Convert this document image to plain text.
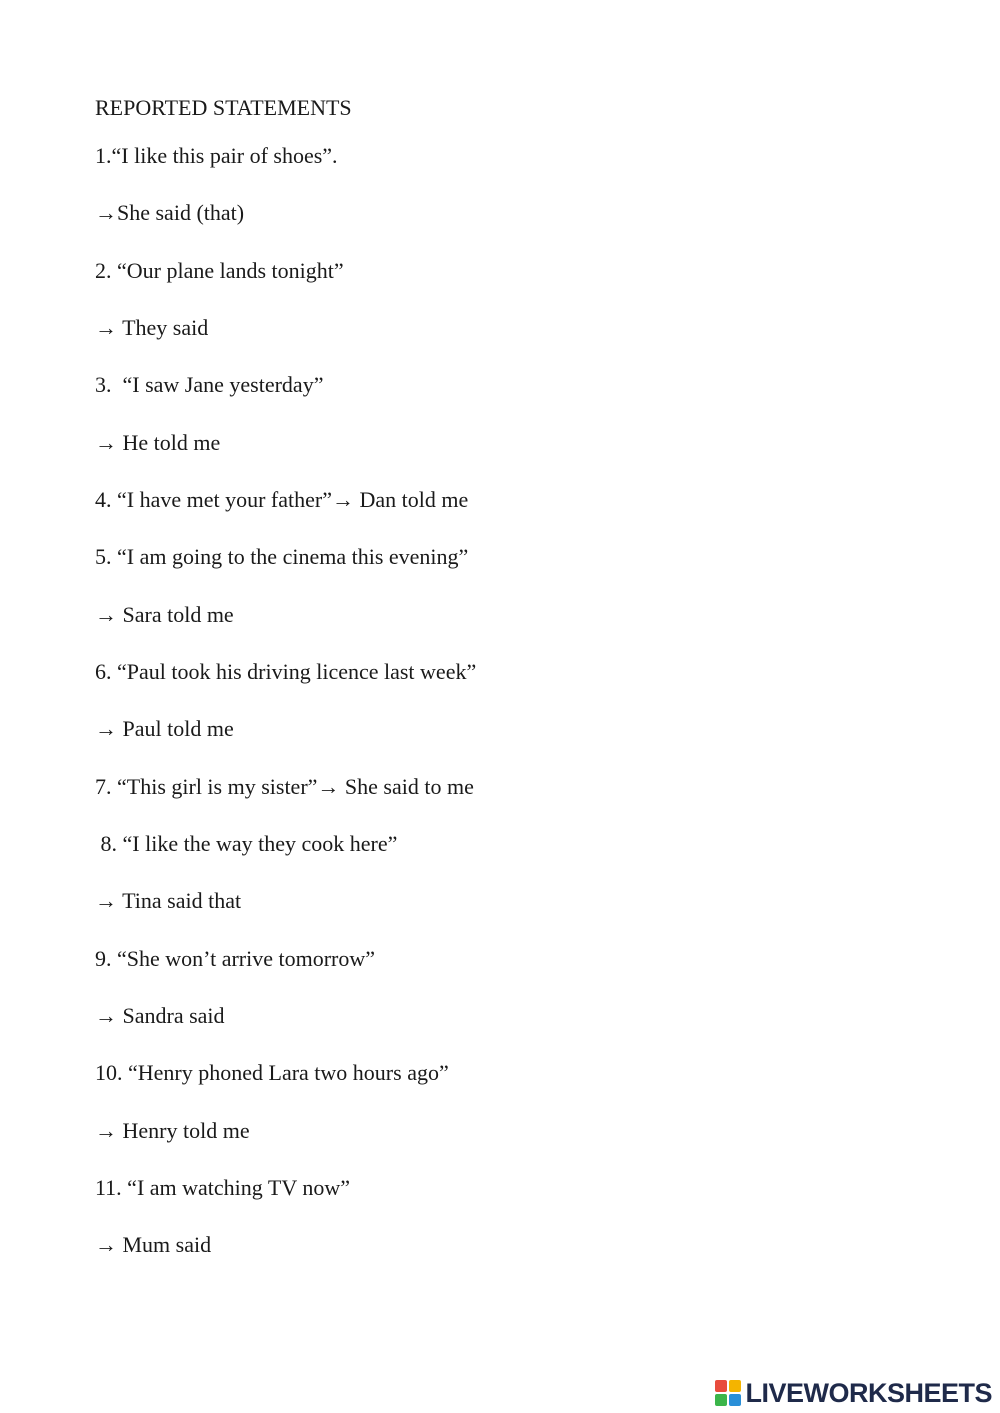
REPORTED STATEMENTS
1.“I like this pair of shoes”.
→She said (that)
2. “Our plane lands tonight”
→ They said
3.  “I saw Jane yesterday”
→ He told me
4. “I have met your father”→ Dan told me
5. “I am going to the cinema this evening”
→ Sara told me
6. “Paul took his driving licence last week”
→ Paul told me
7. “This girl is my sister”→ She said to me
8. “I like the way they cook here”
→ Tina said that
9. “She won’t arrive tomorrow”
→ Sandra said
10. “Henry phoned Lara two hours ago”
→ Henry told me
11. “I am watching TV now”
→ Mum said
LIVEWORKSHEETS
